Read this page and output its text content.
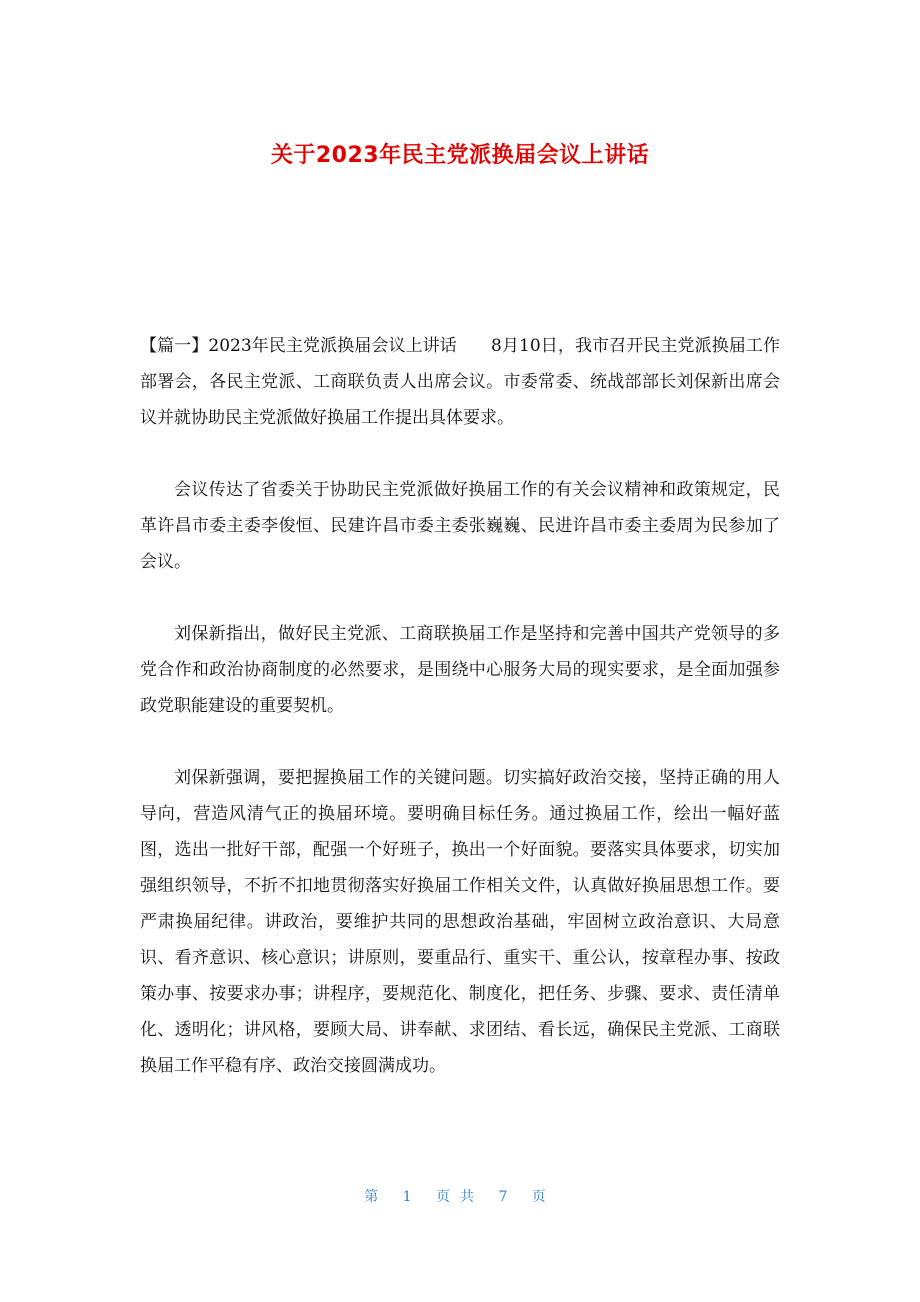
关于2023年民主党派换届会议上讲话

【篇一】2023年民主党派换届会议上讲话　　8月10日，我市召开民主党派换届工作部署会，各民主党派、工商联负责人出席会议。市委常委、统战部部长刘保新出席会议并就协助民主党派做好换届工作提出具体要求。

会议传达了省委关于协助民主党派做好换届工作的有关会议精神和政策规定，民革许昌市委主委李俊恒、民建许昌市委主委张巍巍、民进许昌市委主委周为民参加了会议。

刘保新指出，做好民主党派、工商联换届工作是坚持和完善中国共产党领导的多党合作和政治协商制度的必然要求，是围绕中心服务大局的现实要求，是全面加强参政党职能建设的重要契机。

刘保新强调，要把握换届工作的关键问题。切实搞好政治交接，坚持正确的用人导向，营造风清气正的换届环境。要明确目标任务。通过换届工作，绘出一幅好蓝图，选出一批好干部，配强一个好班子，换出一个好面貌。要落实具体要求，切实加强组织领导，不折不扣地贯彻落实好换届工作相关文件，认真做好换届思想工作。要严肃换届纪律。讲政治，要维护共同的思想政治基础，牢固树立政治意识、大局意识、看齐意识、核心意识；讲原则，要重品行、重实干、重公认，按章程办事、按政策办事、按要求办事；讲程序，要规范化、制度化，把任务、步骤、要求、责任清单化、透明化；讲风格，要顾大局、讲奉献、求团结、看长远，确保民主党派、工商联换届工作平稳有序、政治交接圆满成功。

第 1 页共 7 页
